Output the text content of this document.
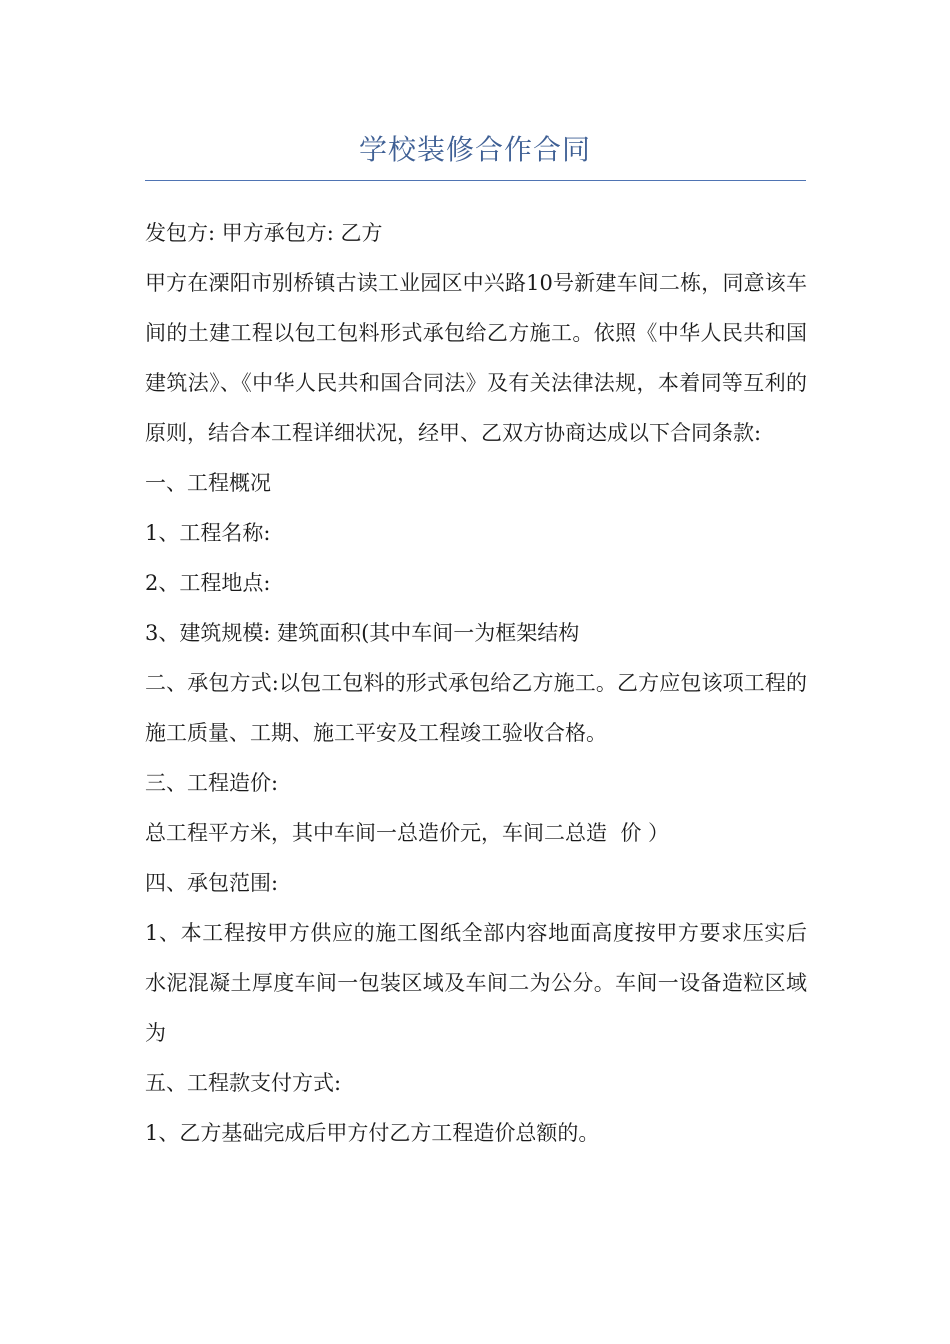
学校装修合作合同

发包方: 甲方承包方: 乙方

甲方在溧阳市别桥镇古读工业园区中兴路10号新建车间二栋，同意该车间的土建工程以包工包料形式承包给乙方施工。依照《中华人民共和国建筑法》、《中华人民共和国合同法》及有关法律法规，本着同等互利的原则，结合本工程详细状况，经甲、乙双方协商达成以下合同条款:

一、工程概况

1、工程名称:

2、工程地点:

3、建筑规模: 建筑面积(其中车间一为框架结构

二、承包方式:以包工包料的形式承包给乙方施工。乙方应包该项工程的施工质量、工期、施工平安及工程竣工验收合格。

三、工程造价:

总工程平方米，其中车间一总造价元，车间二总造  价 ）

四、承包范围:

1、本工程按甲方供应的施工图纸全部内容地面高度按甲方要求压实后水泥混凝土厚度车间一包装区域及车间二为公分。车间一设备造粒区域为

五、工程款支付方式:

1、乙方基础完成后甲方付乙方工程造价总额的。
